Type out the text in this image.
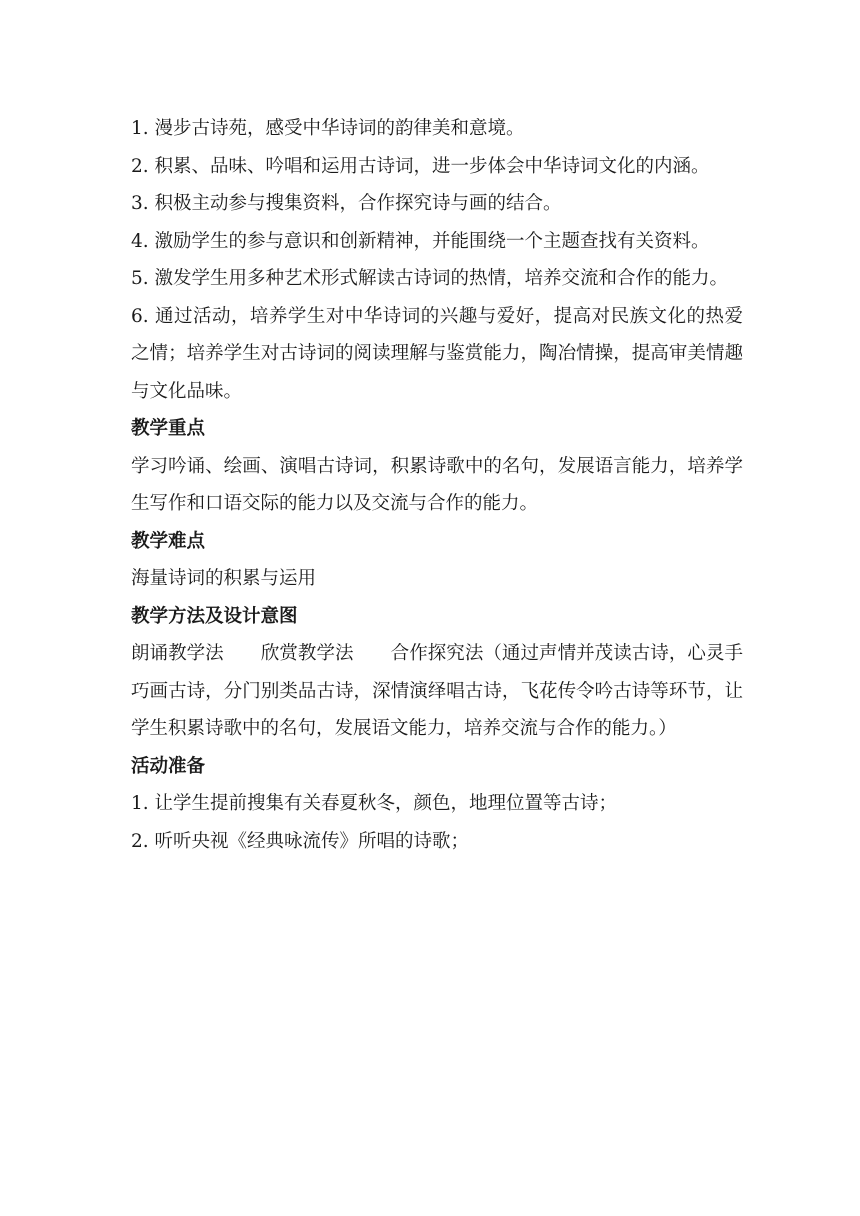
1. 漫步古诗苑，感受中华诗词的韵律美和意境。

2. 积累、品味、吟唱和运用古诗词，进一步体会中华诗词文化的内涵。

3. 积极主动参与搜集资料，合作探究诗与画的结合。

4. 激励学生的参与意识和创新精神，并能围绕一个主题查找有关资料。

5. 激发学生用多种艺术形式解读古诗词的热情，培养交流和合作的能力。

6. 通过活动，培养学生对中华诗词的兴趣与爱好，提高对民族文化的热爱之情；培养学生对古诗词的阅读理解与鉴赏能力，陶冶情操，提高审美情趣与文化品味。

教学重点

学习吟诵、绘画、演唱古诗词，积累诗歌中的名句，发展语言能力，培养学生写作和口语交际的能力以及交流与合作的能力。

教学难点

海量诗词的积累与运用

教学方法及设计意图

朗诵教学法　　欣赏教学法　　合作探究法（通过声情并茂读古诗，心灵手巧画古诗，分门别类品古诗，深情演绎唱古诗，飞花传令吟古诗等环节，让学生积累诗歌中的名句，发展语文能力，培养交流与合作的能力。）

活动准备

1. 让学生提前搜集有关春夏秋冬，颜色，地理位置等古诗；

2. 听听央视《经典咏流传》所唱的诗歌；
